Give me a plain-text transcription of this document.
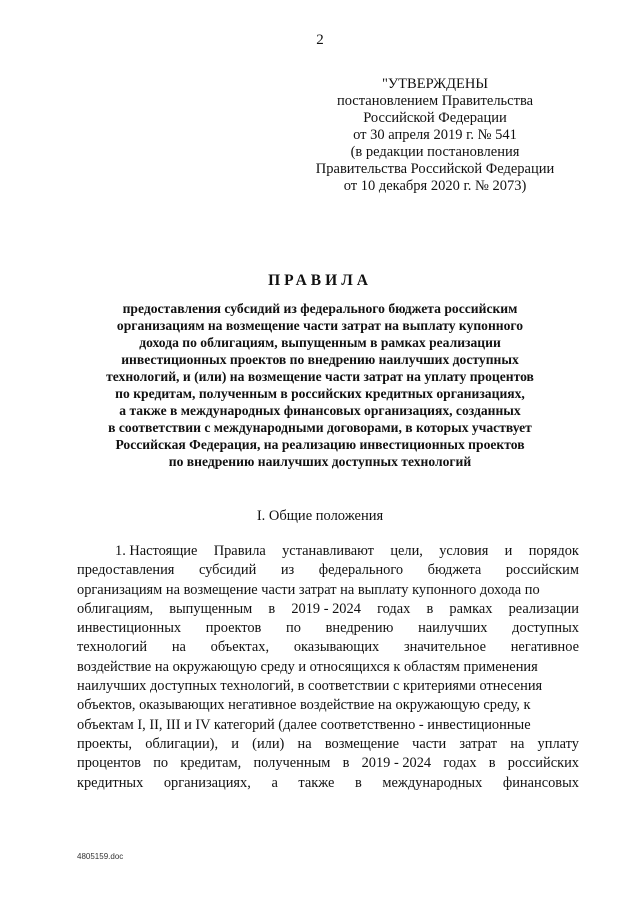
2
"УТВЕРЖДЕНЫ
постановлением Правительства
Российской Федерации
от 30 апреля 2019 г. № 541
(в редакции постановления
Правительства Российской Федерации
от 10 декабря 2020 г. № 2073)
ПРАВИЛА
предоставления субсидий из федерального бюджета российским
организациям на возмещение части затрат на выплату купонного
дохода по облигациям, выпущенным в рамках реализации
инвестиционных проектов по внедрению наилучших доступных
технологий, и (или) на возмещение части затрат на уплату процентов
по кредитам, полученным в российских кредитных организациях,
а также в международных финансовых организациях, созданных
в соответствии с международными договорами, в которых участвует
Российская Федерация, на реализацию инвестиционных проектов
по внедрению наилучших доступных технологий
I. Общие положения
1. Настоящие Правила устанавливают цели, условия и порядок
предоставления субсидий из федерального бюджета российским
организациям на возмещение части затрат на выплату купонного дохода по
облигациям, выпущенным в 2019 - 2024 годах в рамках реализации
инвестиционных проектов по внедрению наилучших доступных
технологий на объектах, оказывающих значительное негативное
воздействие на окружающую среду и относящихся к областям применения
наилучших доступных технологий, в соответствии с критериями отнесения
объектов, оказывающих негативное воздействие на окружающую среду, к
объектам I, II, III и IV категорий (далее соответственно - инвестиционные
проекты, облигации), и (или) на возмещение части затрат на уплату
процентов по кредитам, полученным в 2019 - 2024 годах в российских
кредитных организациях, а также в международных финансовых
4805159.doc
